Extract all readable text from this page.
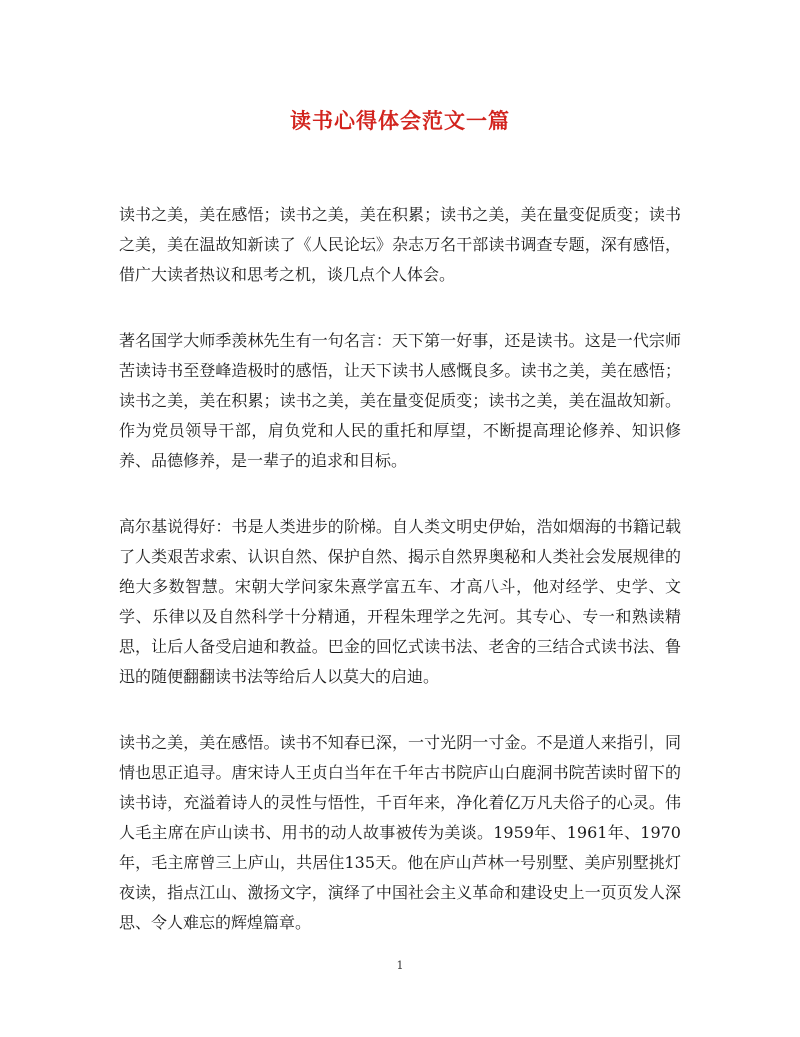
读书心得体会范文一篇

读书之美，美在感悟；读书之美，美在积累；读书之美，美在量变促质变；读书之美，美在温故知新读了《人民论坛》杂志万名干部读书调查专题，深有感悟，借广大读者热议和思考之机，谈几点个人体会。

著名国学大师季羡林先生有一句名言：天下第一好事，还是读书。这是一代宗师苦读诗书至登峰造极时的感悟，让天下读书人感慨良多。读书之美，美在感悟；读书之美，美在积累；读书之美，美在量变促质变；读书之美，美在温故知新。作为党员领导干部，肩负党和人民的重托和厚望，不断提高理论修养、知识修养、品德修养，是一辈子的追求和目标。

高尔基说得好：书是人类进步的阶梯。自人类文明史伊始，浩如烟海的书籍记载了人类艰苦求索、认识自然、保护自然、揭示自然界奥秘和人类社会发展规律的绝大多数智慧。宋朝大学问家朱熹学富五车、才高八斗，他对经学、史学、文学、乐律以及自然科学十分精通，开程朱理学之先河。其专心、专一和熟读精思，让后人备受启迪和教益。巴金的回忆式读书法、老舍的三结合式读书法、鲁迅的随便翻翻读书法等给后人以莫大的启迪。

读书之美，美在感悟。读书不知春已深，一寸光阴一寸金。不是道人来指引，同情也思正追寻。唐宋诗人王贞白当年在千年古书院庐山白鹿洞书院苦读时留下的读书诗，充溢着诗人的灵性与悟性，千百年来，净化着亿万凡夫俗子的心灵。伟人毛主席在庐山读书、用书的动人故事被传为美谈。1959年、1961年、1970年，毛主席曾三上庐山，共居住135天。他在庐山芦林一号别墅、美庐别墅挑灯夜读，指点江山、激扬文字，演绎了中国社会主义革命和建设史上一页页发人深思、令人难忘的辉煌篇章。

1
